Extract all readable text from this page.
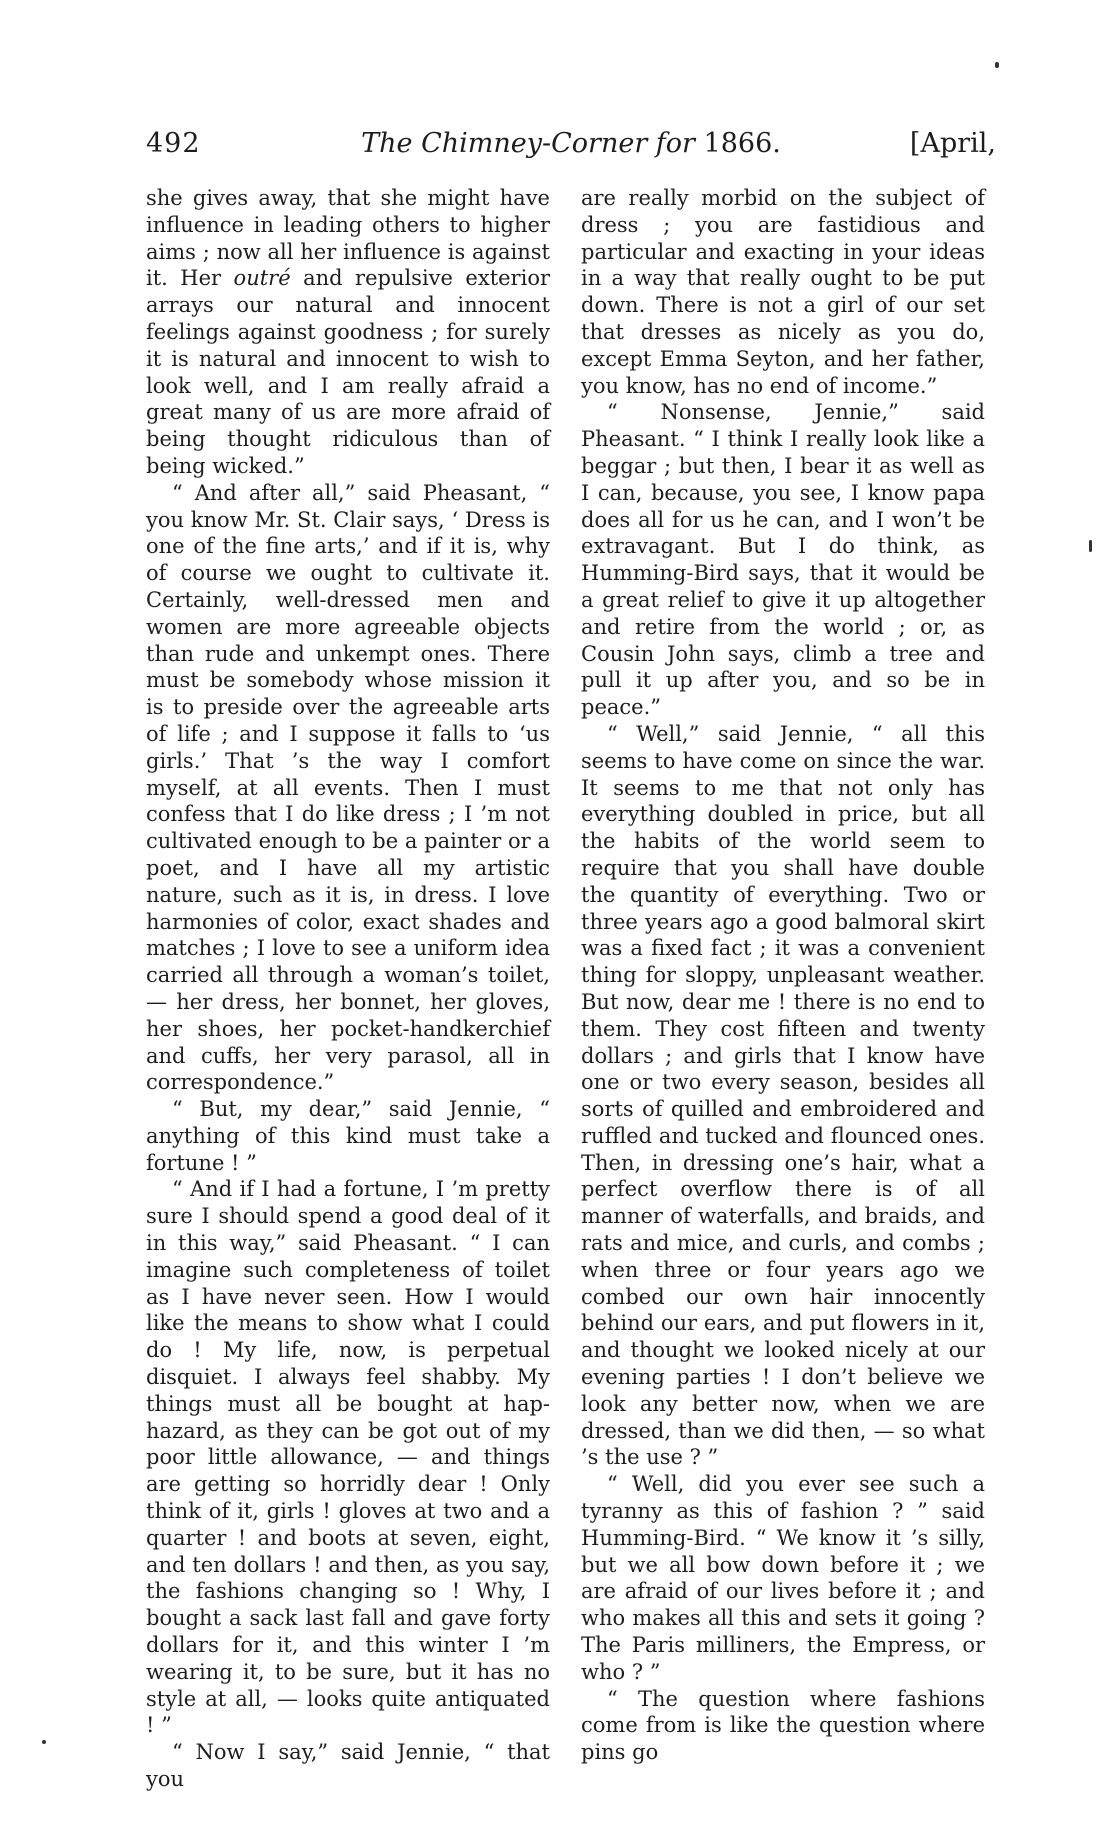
492	The Chimney-Corner for 1866.	[April,

she gives away, that she might have influence in leading others to higher aims ; now all her influence is against it. Her outré and repulsive exterior arrays our natural and innocent feelings against goodness ; for surely it is natural and innocent to wish to look well, and I am really afraid a great many of us are more afraid of being thought ridiculous than of being wicked.”

“ And after all,” said Pheasant, “ you know Mr. St. Clair says, ‘ Dress is one of the fine arts,’ and if it is, why of course we ought to cultivate it. Certainly, well-dressed men and women are more agreeable objects than rude and unkempt ones. There must be somebody whose mission it is to preside over the agreeable arts of life ; and I suppose it falls to ‘us girls.’ That ’s the way I comfort myself, at all events. Then I must confess that I do like dress ; I ’m not cultivated enough to be a painter or a poet, and I have all my artistic nature, such as it is, in dress. I love harmonies of color, exact shades and matches ; I love to see a uniform idea carried all through a woman’s toilet, — her dress, her bonnet, her gloves, her shoes, her pocket-handkerchief and cuffs, her very parasol, all in correspondence.”

“ But, my dear,” said Jennie, “ anything of this kind must take a fortune ! ”

“ And if I had a fortune, I ’m pretty sure I should spend a good deal of it in this way,” said Pheasant. “ I can imagine such completeness of toilet as I have never seen. How I would like the means to show what I could do ! My life, now, is perpetual disquiet. I always feel shabby. My things must all be bought at hap-hazard, as they can be got out of my poor little allowance, — and things are getting so horridly dear ! Only think of it, girls ! gloves at two and a quarter ! and boots at seven, eight, and ten dollars ! and then, as you say, the fashions changing so ! Why, I bought a sack last fall and gave forty dollars for it, and this winter I ’m wearing it, to be sure, but it has no style at all, — looks quite antiquated ! ”

“ Now I say,” said Jennie, “ that you

are really morbid on the subject of dress ; you are fastidious and particular and exacting in your ideas in a way that really ought to be put down. There is not a girl of our set that dresses as nicely as you do, except Emma Seyton, and her father, you know, has no end of income.”

“ Nonsense, Jennie,” said Pheasant. “ I think I really look like a beggar ; but then, I bear it as well as I can, because, you see, I know papa does all for us he can, and I won’t be extravagant. But I do think, as Humming-Bird says, that it would be a great relief to give it up altogether and retire from the world ; or, as Cousin John says, climb a tree and pull it up after you, and so be in peace.”

“ Well,” said Jennie, “ all this seems to have come on since the war. It seems to me that not only has everything doubled in price, but all the habits of the world seem to require that you shall have double the quantity of everything. Two or three years ago a good balmoral skirt was a fixed fact ; it was a convenient thing for sloppy, unpleasant weather. But now, dear me ! there is no end to them. They cost fifteen and twenty dollars ; and girls that I know have one or two every season, besides all sorts of quilled and embroidered and ruffled and tucked and flounced ones. Then, in dressing one’s hair, what a perfect overflow there is of all manner of waterfalls, and braids, and rats and mice, and curls, and combs ; when three or four years ago we combed our own hair innocently behind our ears, and put flowers in it, and thought we looked nicely at our evening parties ! I don’t believe we look any better now, when we are dressed, than we did then, — so what ’s the use ? ”

“ Well, did you ever see such a tyranny as this of fashion ? ” said Humming-Bird. “ We know it ’s silly, but we all bow down before it ; we are afraid of our lives before it ; and who makes all this and sets it going ? The Paris milliners, the Empress, or who ? ”

“ The question where fashions come from is like the question where pins go
